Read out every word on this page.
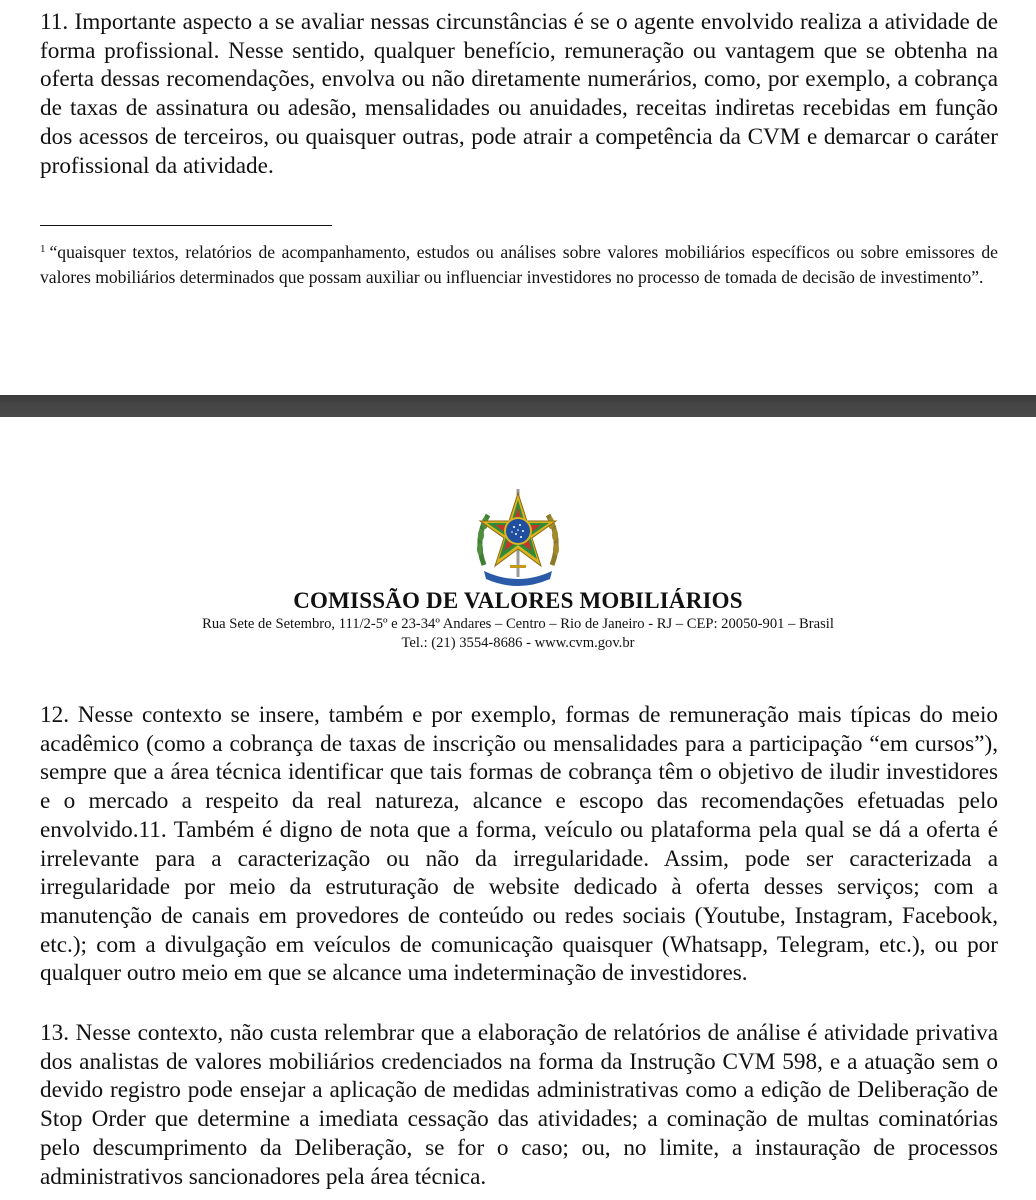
11. Importante aspecto a se avaliar nessas circunstâncias é se o agente envolvido realiza a atividade de forma profissional. Nesse sentido, qualquer benefício, remuneração ou vantagem que se obtenha na oferta dessas recomendações, envolva ou não diretamente numerários, como, por exemplo, a cobrança de taxas de assinatura ou adesão, mensalidades ou anuidades, receitas indiretas recebidas em função dos acessos de terceiros, ou quaisquer outras, pode atrair a competência da CVM e demarcar o caráter profissional da atividade.

$^1$ “quaisquer textos, relatórios de acompanhamento, estudos ou análises sobre valores mobiliários específicos ou sobre emissores de valores mobiliários determinados que possam auxiliar ou influenciar investidores no processo de tomada de decisão de investimento”.

COMISSÃO DE VALORES MOBILIÁRIOS
Rua Sete de Setembro, 111/2-5º e 23-34º Andares – Centro – Rio de Janeiro - RJ – CEP: 20050-901 – Brasil
Tel.: (21) 3554-8686 - www.cvm.gov.br

12. Nesse contexto se insere, também e por exemplo, formas de remuneração mais típicas do meio acadêmico (como a cobrança de taxas de inscrição ou mensalidades para a participação “em cursos”), sempre que a área técnica identificar que tais formas de cobrança têm o objetivo de iludir investidores e o mercado a respeito da real natureza, alcance e escopo das recomendações efetuadas pelo envolvido.11. Também é digno de nota que a forma, veículo ou plataforma pela qual se dá a oferta é irrelevante para a caracterização ou não da irregularidade. Assim, pode ser caracterizada a irregularidade por meio da estruturação de website dedicado à oferta desses serviços; com a manutenção de canais em provedores de conteúdo ou redes sociais (Youtube, Instagram, Facebook, etc.); com a divulgação em veículos de comunicação quaisquer (Whatsapp, Telegram, etc.), ou por qualquer outro meio em que se alcance uma indeterminação de investidores.

13. Nesse contexto, não custa relembrar que a elaboração de relatórios de análise é atividade privativa dos analistas de valores mobiliários credenciados na forma da Instrução CVM 598, e a atuação sem o devido registro pode ensejar a aplicação de medidas administrativas como a edição de Deliberação de Stop Order que determine a imediata cessação das atividades; a cominação de multas cominatórias pelo descumprimento da Deliberação, se for o caso; ou, no limite, a instauração de processos administrativos sancionadores pela área técnica.
